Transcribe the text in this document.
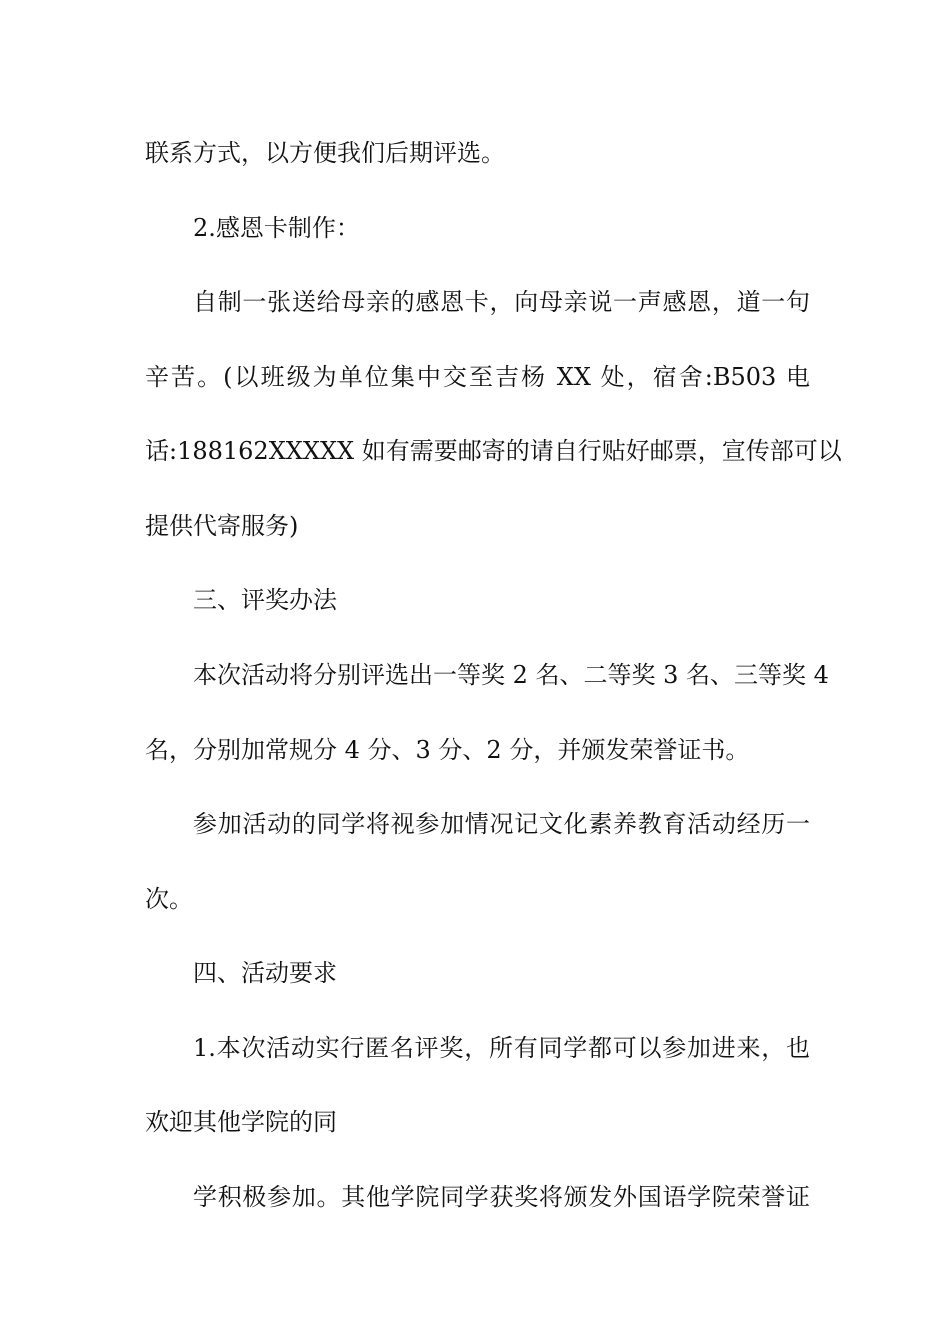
联系方式，以方便我们后期评选。
2.感恩卡制作：
自制一张送给母亲的感恩卡，向母亲说一声感恩，道一句
辛苦。(以班级为单位集中交至吉杨 XX 处，宿舍:B503 电
话:188162XXXXX 如有需要邮寄的请自行贴好邮票，宣传部可以
提供代寄服务)
三、评奖办法
本次活动将分别评选出一等奖 2 名、二等奖 3 名、三等奖 4
名，分别加常规分 4 分、3 分、2 分，并颁发荣誉证书。
参加活动的同学将视参加情况记文化素养教育活动经历一
次。
四、活动要求
1.本次活动实行匿名评奖，所有同学都可以参加进来，也
欢迎其他学院的同
学积极参加。其他学院同学获奖将颁发外国语学院荣誉证
